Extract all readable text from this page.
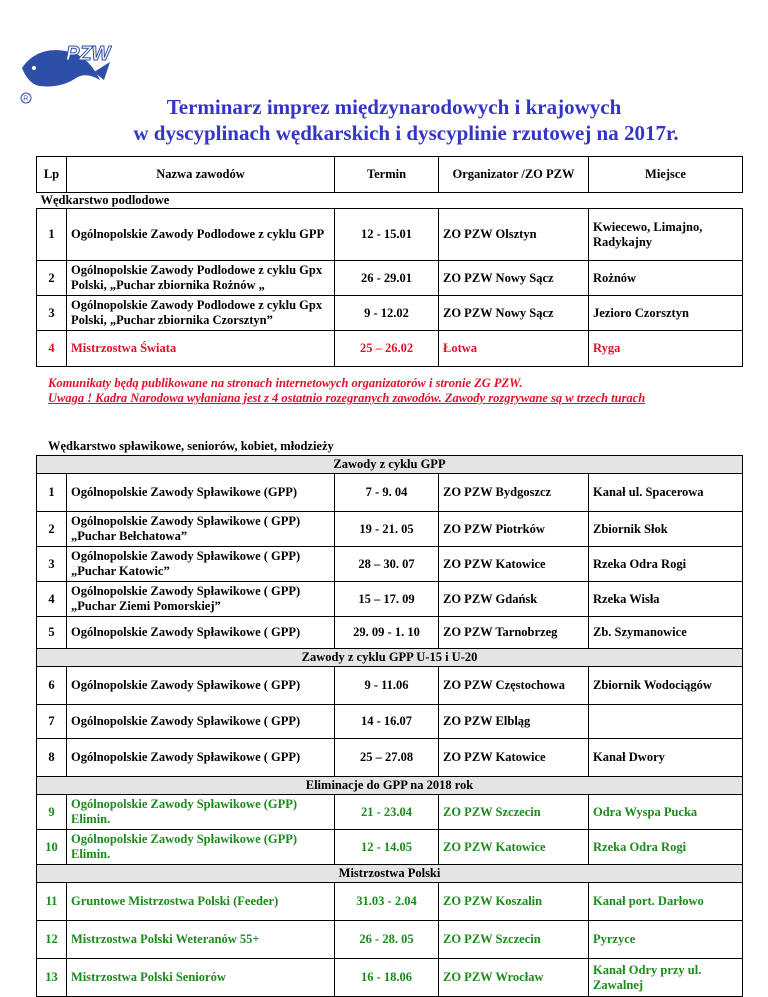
PZW
R	Terminarz imprez międzynarodowych i krajowych
w dyscyplinach wędkarskich i dyscyplinie rzutowej na 2017r.
Lp	Nazwa zawodów	Termin	Organizator /ZO PZW	Miejsce
Wędkarstwo podlodowe				
1	Ogólnopolskie Zawody Podlodowe z cyklu GPP	12 - 15.01	ZO PZW Olsztyn	Kwiecewo, Limajno, Radykajny
2	Ogólnopolskie Zawody Podlodowe z cyklu Gpx Polski, „Puchar zbiornika Rożnów „	26 - 29.01	ZO PZW Nowy Sącz	Rożnów
3	Ogólnopolskie Zawody Podlodowe z cyklu Gpx Polski, „Puchar zbiornika Czorsztyn”	9 - 12.02	ZO PZW Nowy Sącz	Jezioro Czorsztyn
4	Mistrzostwa Świata	25 – 26.02	Łotwa	Ryga
Komunikaty będą publikowane na stronach internetowych organizatorów i stronie ZG PZW.
Uwaga ! Kadra Narodowa wyłaniana jest z 4 ostatnio rozegranych zawodów. Zawody rozgrywane są w trzech turach
Wędkarstwo spławikowe, seniorów, kobiet, młodzieży
Zawody z cyklu GPP				
1	Ogólnopolskie Zawody Spławikowe (GPP)	7 - 9. 04	ZO PZW Bydgoszcz	Kanał ul. Spacerowa
2	Ogólnopolskie Zawody Spławikowe ( GPP) „Puchar Bełchatowa”	19 - 21. 05	ZO PZW Piotrków	Zbiornik Słok
3	Ogólnopolskie Zawody Spławikowe ( GPP) „Puchar Katowic”	28 – 30. 07	ZO PZW Katowice	Rzeka Odra Rogi
4	Ogólnopolskie Zawody Spławikowe ( GPP) „Puchar Ziemi Pomorskiej”	15 – 17. 09	ZO PZW Gdańsk	Rzeka Wisła
5	Ogólnopolskie Zawody Spławikowe ( GPP)	29. 09 - 1. 10	ZO PZW Tarnobrzeg	Zb. Szymanowice
Zawody z cyklu GPP U-15 i U-20				
6	Ogólnopolskie Zawody Spławikowe ( GPP)	9 - 11.06	ZO PZW Częstochowa	Zbiornik Wodociągów
7	Ogólnopolskie Zawody Spławikowe ( GPP)	14 - 16.07	ZO PZW Elbląg	
8	Ogólnopolskie Zawody Spławikowe ( GPP)	25 – 27.08	ZO PZW Katowice	Kanał Dwory
Eliminacje do GPP na 2018 rok				
9	Ogólnopolskie Zawody Spławikowe (GPP) Elimin.	21 - 23.04	ZO PZW Szczecin	Odra Wyspa Pucka
10	Ogólnopolskie Zawody Spławikowe (GPP) Elimin.	12 - 14.05	ZO PZW Katowice	Rzeka Odra Rogi
Mistrzostwa Polski				
11	Gruntowe Mistrzostwa Polski (Feeder)	31.03 - 2.04	ZO PZW Koszalin	Kanał port. Darłowo
12	Mistrzostwa Polski Weteranów 55+	26 - 28. 05	ZO PZW Szczecin	Pyrzyce
13	Mistrzostwa Polski Seniorów	16 - 18.06	ZO PZW Wrocław	Kanał Odry przy ul. Zawalnej
